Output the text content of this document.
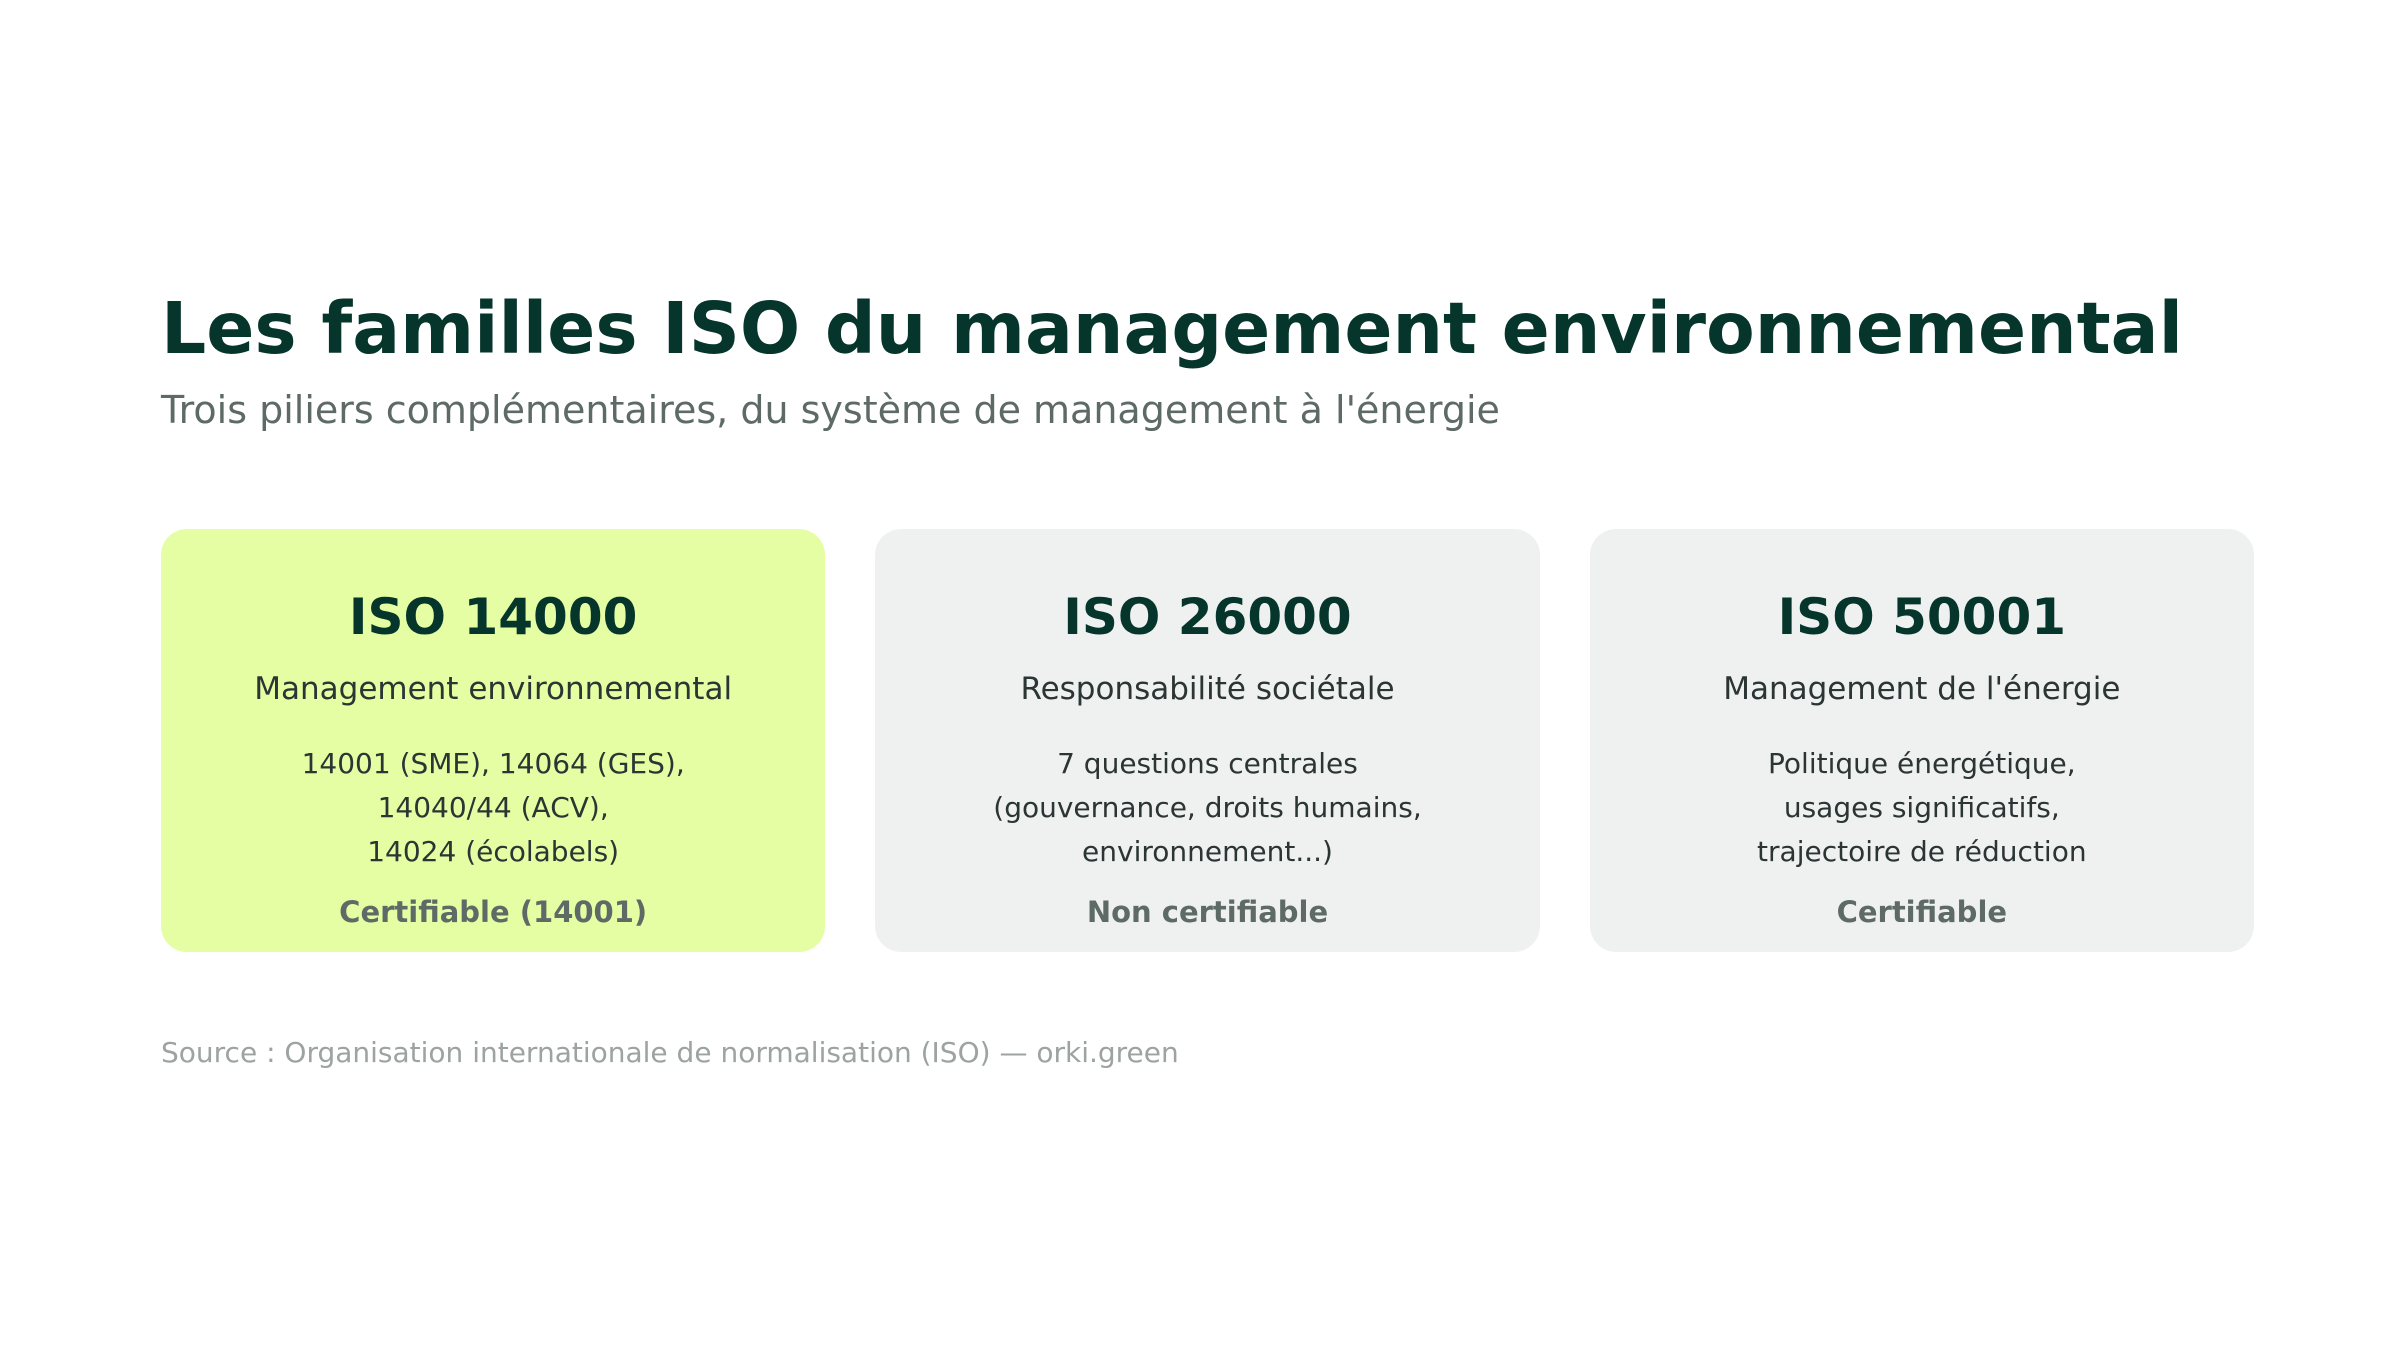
Les familles ISO du management environnemental

Trois piliers complémentaires, du système de management à l'énergie

ISO 14000
Management environnemental
14001 (SME), 14064 (GES),
14040/44 (ACV),
14024 (écolabels)
Certifiable (14001)
ISO 26000
Responsabilité sociétale
7 questions centrales
(gouvernance, droits humains,
environnement...)
Non certifiable
ISO 50001
Management de l'énergie
Politique énergétique,
usages significatifs,
trajectoire de réduction
Certifiable

Source : Organisation internationale de normalisation (ISO) — orki.green
